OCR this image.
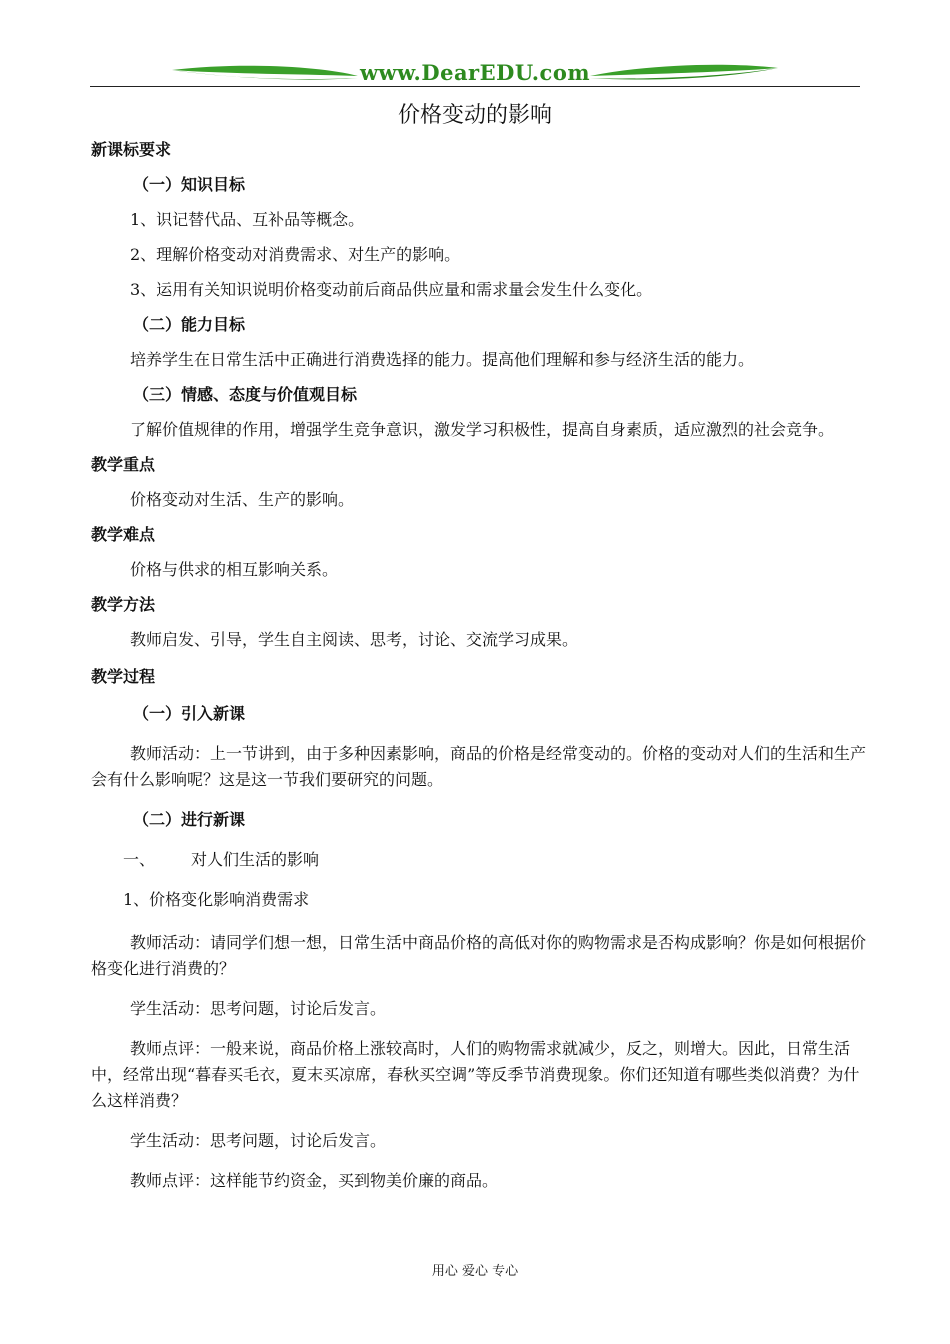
www.DearEDU.com
价格变动的影响

新课标要求

（一）知识目标

1、识记替代品、互补品等概念。

2、理解价格变动对消费需求、对生产的影响。

3、运用有关知识说明价格变动前后商品供应量和需求量会发生什么变化。

（二）能力目标

培养学生在日常生活中正确进行消费选择的能力。提高他们理解和参与经济生活的能力。

（三）情感、态度与价值观目标

了解价值规律的作用，增强学生竞争意识，激发学习积极性，提高自身素质，适应激烈的社会竞争。

教学重点

价格变动对生活、生产的影响。

教学难点

价格与供求的相互影响关系。

教学方法

教师启发、引导，学生自主阅读、思考，讨论、交流学习成果。

教学过程

（一）引入新课

教师活动：上一节讲到，由于多种因素影响，商品的价格是经常变动的。价格的变动对人们的生活和生产会有什么影响呢？这是这一节我们要研究的问题。

（二）进行新课

一、 对人们生活的影响

1、价格变化影响消费需求

教师活动：请同学们想一想，日常生活中商品价格的高低对你的购物需求是否构成影响？你是如何根据价格变化进行消费的？

学生活动：思考问题，讨论后发言。

教师点评：一般来说，商品价格上涨较高时，人们的购物需求就减少，反之，则增大。因此，日常生活中，经常出现“暮春买毛衣，夏末买凉席，春秋买空调”等反季节消费现象。你们还知道有哪些类似消费？为什么这样消费？

学生活动：思考问题，讨论后发言。

教师点评：这样能节约资金，买到物美价廉的商品。

用心 爱心 专心
